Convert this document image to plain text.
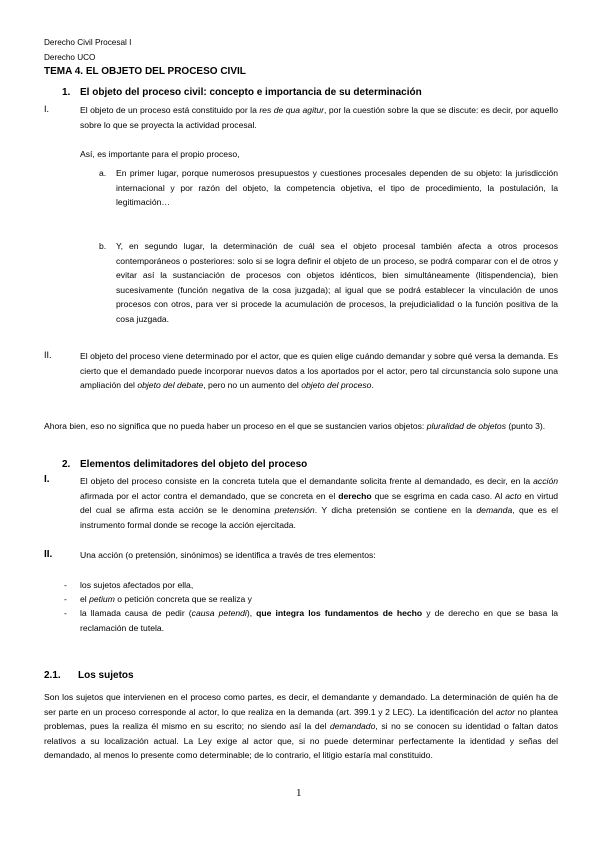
Derecho Civil Procesal I
Derecho UCO
TEMA 4. EL OBJETO DEL PROCESO CIVIL
1. El objeto del proceso civil: concepto e importancia de su determinación
I.	El objeto de un proceso está constituido por la res de qua agitur, por la cuestión sobre la que se discute: es decir, por aquello sobre lo que se proyecta la actividad procesal.
Así, es importante para el propio proceso,
a. En primer lugar, porque numerosos presupuestos y cuestiones procesales dependen de su objeto: la jurisdicción internacional y por razón del objeto, la competencia objetiva, el tipo de procedimiento, la postulación, la legitimación…
b. Y, en segundo lugar, la determinación de cuál sea el objeto procesal también afecta a otros procesos contemporáneos o posteriores: solo si se logra definir el objeto de un proceso, se podrá comparar con el de otros y evitar así la sustanciación de procesos con objetos idénticos, bien simultáneamente (litispendencia), bien sucesivamente (función negativa de la cosa juzgada); al igual que se podrá establecer la vinculación de unos procesos con otros, para ver si procede la acumulación de procesos, la prejudicialidad o la función positiva de la cosa juzgada.
II.	El objeto del proceso viene determinado por el actor, que es quien elige cuándo demandar y sobre qué versa la demanda. Es cierto que el demandado puede incorporar nuevos datos a los aportados por el actor, pero tal circunstancia solo supone una ampliación del objeto del debate, pero no un aumento del objeto del proceso.
Ahora bien, eso no significa que no pueda haber un proceso en el que se sustancien varios objetos: pluralidad de objetos (punto 3).
2. Elementos delimitadores del objeto del proceso
I.	El objeto del proceso consiste en la concreta tutela que el demandante solicita frente al demandado, es decir, en la acción afirmada por el actor contra el demandado, que se concreta en el derecho que se esgrima en cada caso. Al acto en virtud del cual se afirma esta acción se le denomina pretensión. Y dicha pretensión se contiene en la demanda, que es el instrumento formal donde se recoge la acción ejercitada.
II.	Una acción (o pretensión, sinónimos) se identifica a través de tres elementos:
- los sujetos afectados por ella,
- el petium o petición concreta que se realiza y
- la llamada causa de pedir (causa petendi), que integra los fundamentos de hecho y de derecho en que se basa la reclamación de tutela.
2.1. Los sujetos
Son los sujetos que intervienen en el proceso como partes, es decir, el demandante y demandado. La determinación de quién ha de ser parte en un proceso corresponde al actor, lo que realiza en la demanda (art. 399.1 y 2 LEC). La identificación del actor no plantea problemas, pues la realiza él mismo en su escrito; no siendo así la del demandado, si no se conocen su identidad o faltan datos relativos a su localización actual. La Ley exige al actor que, si no puede determinar perfectamente la identidad y señas del demandado, al menos lo presente como determinable; de lo contrario, el litigio estaría mal constituido.
1
